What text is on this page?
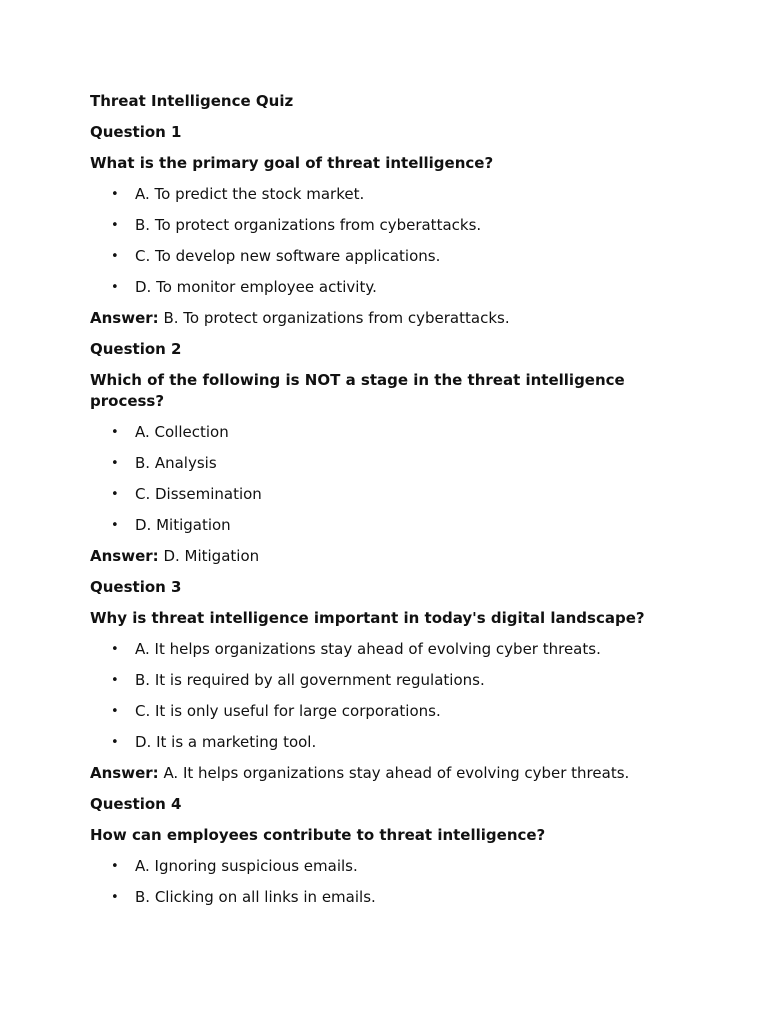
Threat Intelligence Quiz

Question 1

What is the primary goal of threat intelligence?

• A. To predict the stock market.
• B. To protect organizations from cyberattacks.
• C. To develop new software applications.
• D. To monitor employee activity.

Answer: B. To protect organizations from cyberattacks.

Question 2

Which of the following is NOT a stage in the threat intelligence process?

• A. Collection
• B. Analysis
• C. Dissemination
• D. Mitigation

Answer: D. Mitigation

Question 3

Why is threat intelligence important in today's digital landscape?

• A. It helps organizations stay ahead of evolving cyber threats.
• B. It is required by all government regulations.
• C. It is only useful for large corporations.
• D. It is a marketing tool.

Answer: A. It helps organizations stay ahead of evolving cyber threats.

Question 4

How can employees contribute to threat intelligence?

• A. Ignoring suspicious emails.
• B. Clicking on all links in emails.
